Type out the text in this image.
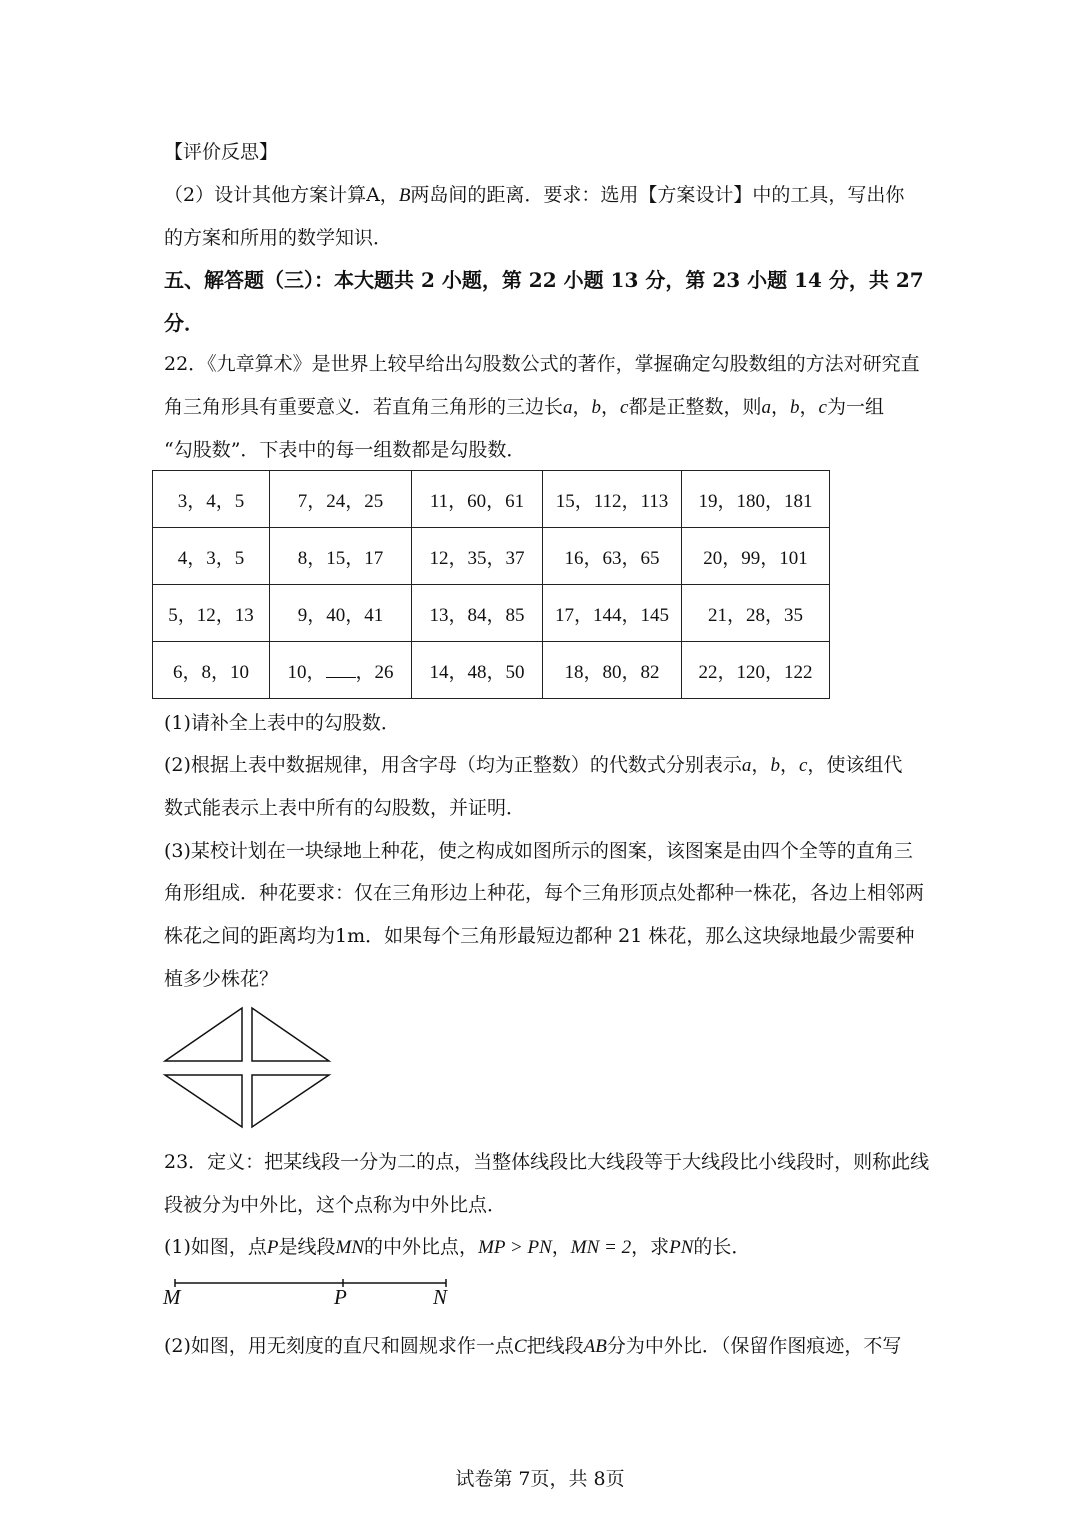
【评价反思】
（2）设计其他方案计算A，B两岛间的距离．要求：选用【方案设计】中的工具，写出你
的方案和所用的数学知识．
五、解答题（三）：本大题共 2 小题，第 22 小题 13 分，第 23 小题 14 分，共 27
分．
22．《九章算术》是世界上较早给出勾股数公式的著作，掌握确定勾股数组的方法对研究直
角三角形具有重要意义．若直角三角形的三边长a，b，c都是正整数，则a，b，c为一组
“勾股数”．下表中的每一组数都是勾股数．
3，4，5	7，24，25	11，60，61	15，112，113	19，180，181
4，3，5	8，15，17	12，35，37	16，63，65	20，99，101
5，12，13	9，40，41	13，84，85	17，144，145	21，28，35
6，8，10	10， ，26	14，48，50	18，80，82	22，120，122
(1)请补全上表中的勾股数．
(2)根据上表中数据规律，用含字母（均为正整数）的代数式分别表示a，b，c，使该组代
数式能表示上表中所有的勾股数，并证明．
(3)某校计划在一块绿地上种花，使之构成如图所示的图案，该图案是由四个全等的直角三
角形组成．种花要求：仅在三角形边上种花，每个三角形顶点处都种一株花，各边上相邻两
株花之间的距离均为1m．如果每个三角形最短边都种 21 株花，那么这块绿地最少需要种
植多少株花？
23．定义：把某线段一分为二的点，当整体线段比大线段等于大线段比小线段时，则称此线
段被分为中外比，这个点称为中外比点．
(1)如图，点P是线段MN的中外比点，MP > PN，MN = 2，求PN的长．
M	P	N
(2)如图，用无刻度的直尺和圆规求作一点C把线段AB分为中外比．（保留作图痕迹，不写
试卷第 7页，共 8页
